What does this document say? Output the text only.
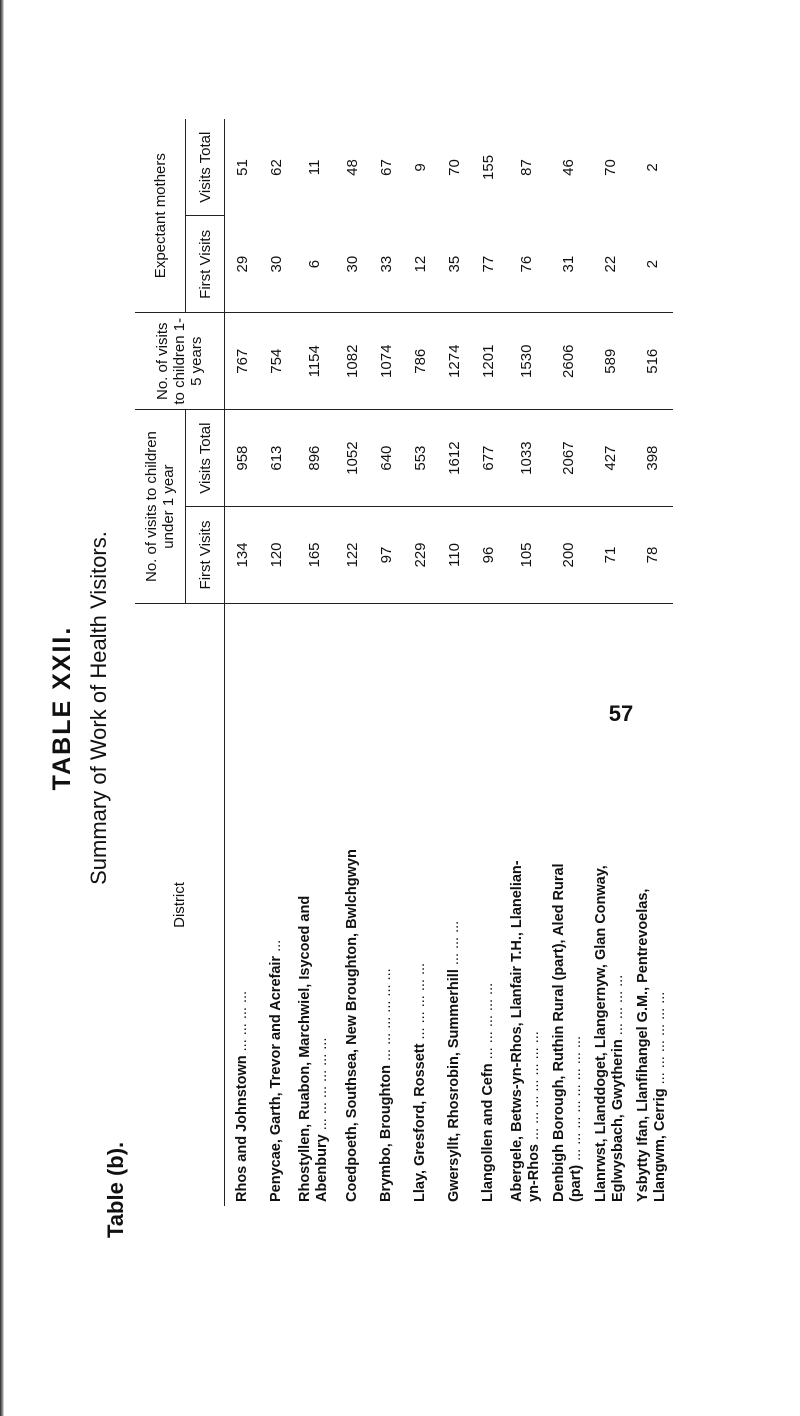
TABLE XXII. Summary of Work of Health Visitors.
Table (b).
District	No. of visits to children under 1 year		No. of visits to children 1-5 years	Expectant mothers	
	First Visits	Visits Total		First Visits	Visits Total
Rhos and Johnstown ... ... ... ...	134	958	767	29	51
Penycae, Garth, Trevor and Acrefair ...	120	613	754	30	62
Rhostyllen, Ruabon, Marchwiel, Isycoed and
Abenbury ... ... ... ... ... ...	165	896	1154	6	11
Coedpoeth, Southsea, New Broughton, Bwlchgwyn	122	1052	1082	30	48
Brymbo, Broughton ... ... ... ... ... ...	97	640	1074	33	67
Llay, Gresford, Rossett ... ... ... ... ...	229	553	786	12	9
Gwersyllt, Rhosrobin, Summerhill ... ... ...	110	1612	1274	35	70
Llangollen and Cefn ... ... ... ... ...	96	677	1201	77	155
Abergele, Betws-yn-Rhos, Llanfair T.H., Llanelian-
yn-Rhos ... ... ... ... ... ... ...	105	1033	1530	76	87
Denbigh Borough, Ruthin Rural (part), Aled Rural
(part) ... ... ... ... ... ... ... ...	200	2067	2606	31	46
Llanrwst, Llanddoget, Llangernyw, Glan Conway,
Eglwysbach, Gwytherin ... ... ... ...	71	427	589	22	70
Ysbytty Ifan, Llanfihangel G.M., Pentrevoelas,
Llangwm, Cerrig ... ... ... ... ... ...	78	398	516	2	2
57
